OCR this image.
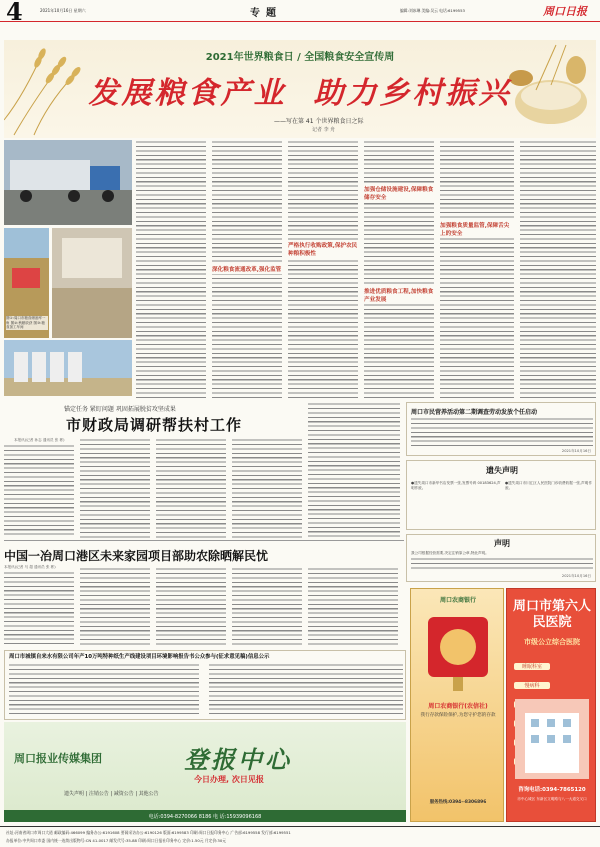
4	2021年10月16日 星期六	专题	编辑:刘冰琳 美编:吴云 电话:6199553	周口日报
2021年世界粮食日 / 全国粮食安全宣传周
发展粮食产业  助力乡村振兴
——写在第 41 个世界粮食日之际
记者 李 舟
图①:周口市粮食储备库一角 图②:秋粮收获 图③:粮食加工车间
严格执行收购政策,保护农民种粮积极性
深化粮食流通改革,强化监管
加强仓储设施建设,保障粮食储存安全
推进优质粮食工程,加快粮食产业发展
加强粮食质量监管,保障舌尖上的安全
锚定任务 紧盯问题 巩固拓展脱贫攻坚成果
市财政局调研帮扶村工作
本报讯(记者 孙志 通讯员 张 彬)
中国一冶周口港区未来家园项目部助农除晒解民忧
本报讯(记者 马 超 通讯员 张 彬)
周口市民营养活动第二期调查劳动发放个任启动
2021年10月16日
遗失声明
●遗失周口市新华书店发票一张,发票号码 00183624,声明作废。
●遗失周口市川汇区人民医院门诊收费收据一张,声明作废。
声明
我公司根据经营需要,决定注销原公章,特此声明。
2021年10月16日
周口市城镇自来水有限公司年产10万吨特种纸生产线建设项目环境影响报告书公众参与(征求意见稿)信息公示
周口报业传媒集团	登报中心
今日办理, 次日见报
遗失声明 | 注销公告 | 减资公告 | 其他公告
电话:0394-8270066 8186 电 话:15939096168
周口农商银行
周口农商银行(农信社)
我行存款保险保护,为您守护您的存款
服务热线:0394--8306896
周口市第六人民医院
市级公立综合医院
睡眠科室 慢病科
咨询电话:0394-7865120
市中心城区 东新区文明路与八一大道交叉口
社址:河南省周口市周口大道 邮政编码:466099 编务办公:6191608 要闻采访办公:6190126 版面:6199583 印刷:周口日报印务中心 广告部:6199558 发行部:6199551
办报单位:中共周口市委 国内统一连续出版物号:CN 41-0017 邮发代号:35-88 印刷:周口日报社印务中心 定价:1.50元 月定价:30元
